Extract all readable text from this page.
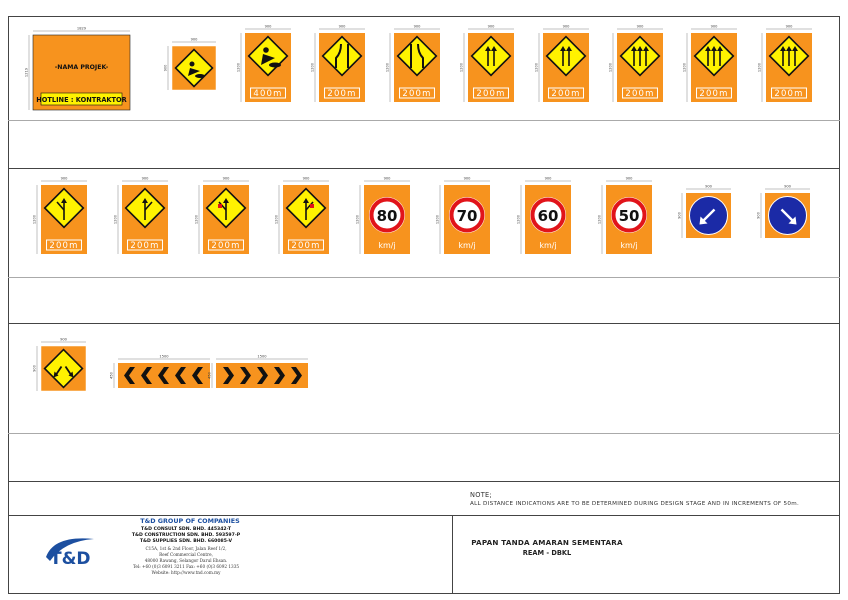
-NAMA PROJEK-
HOTLINE : KONTRAKTOR
1829
1219
900
900
400m
900
1200
200m
900
1200
200m
900
1200
200m
900
1200
200m
900
1200
200m
900
1200
200m
900
1200
200m
900
1200
200m
900
1200
200m
900
1200
200m
900
1200
200m
900
1200	80
km/j
900
1200	70
km/j
900
1200	60
km/j
900
1200	50
km/j
900
1200
900
900
900
900
900
900
1500
450
1500
450
NOTE;
ALL DISTANCE INDICATIONS ARE TO BE DETERMINED DURING DESIGN STAGE AND IN INCREMENTS OF 50m.
T&D
T&D GROUP OF COMPANIES
T&D CONSULT SDN. BHD. 445342-T
T&D CONSTRUCTION SDN. BHD. 593597-P
T&D SUPPLIES SDN. BHD. 660085-V
C15A, 1st & 2nd Floor, Jalan Reef 1/2,
Reef Commercial Centre,
48000 Rawang, Selangor Darul Ehsan.
Tel: +60 (0)3 6091 3211 Fax: +60 (0)3 6092 1335
Website: http://www.tnd.com.my
PAPAN TANDA AMARAN SEMENTARA
REAM - DBKL
